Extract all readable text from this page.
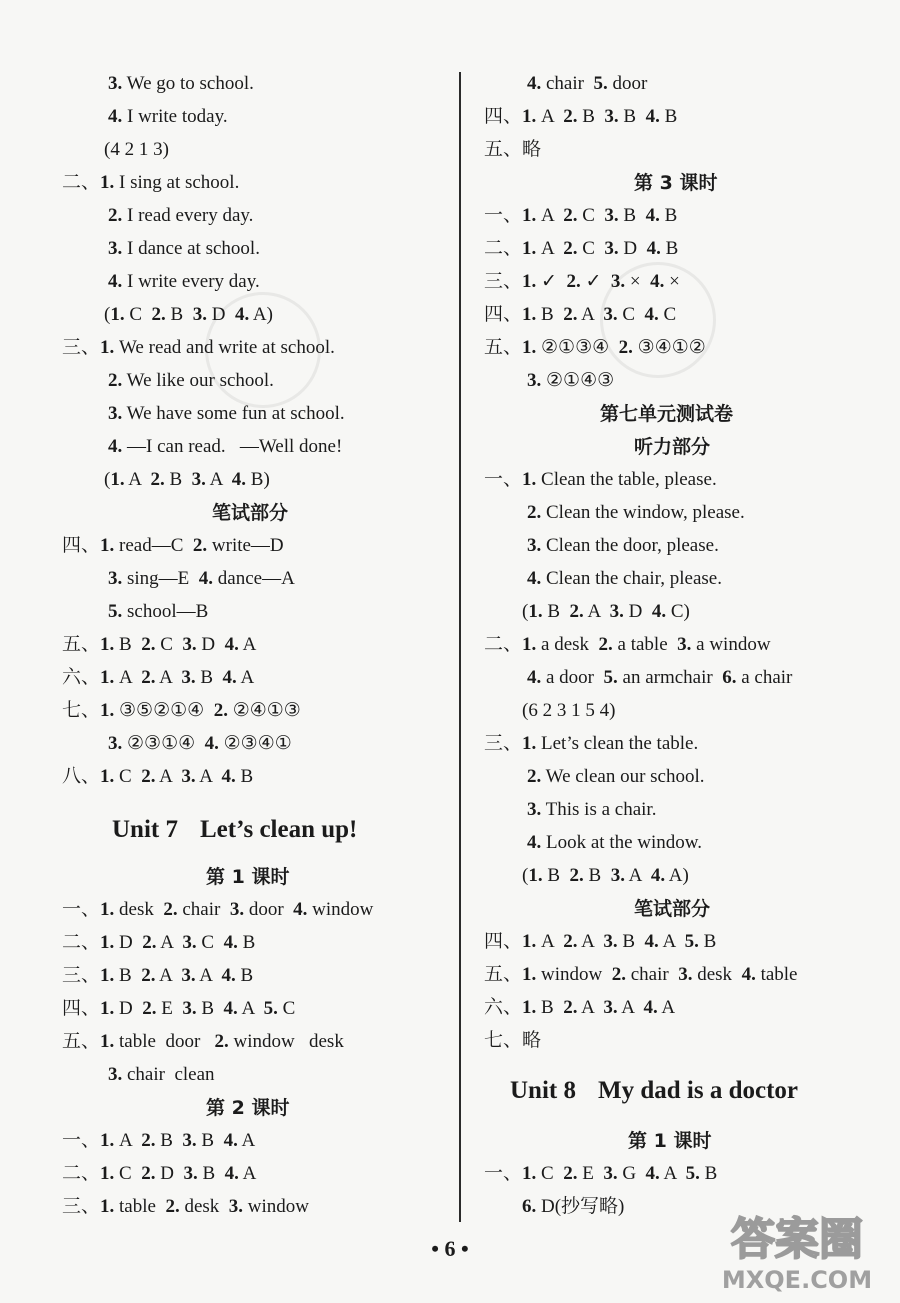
Unit 7 Let’s clean up!
Unit 8 My dad is a doctor
• 6 •	答案圈
MXQE.COM
3. We go to school.
4. I write today.
(4 2 1 3)
二、1. I sing at school.
2. I read every day.
3. I dance at school.
4. I write every day.
(1. C  2. B  3. D  4. A)
三、1. We read and write at school.
2. We like our school.
3. We have some fun at school.
4. —I can read.   —Well done!
(1. A  2. B  3. A  4. B)
四、1. read—C  2. write—D
3. sing—E  4. dance—A
5. school—B
五、1. B  2. C  3. D  4. A
六、1. A  2. A  3. B  4. A
七、1. ③⑤②①④  2. ②④①③
3. ②③①④  4. ②③④①
八、1. C  2. A  3. A  4. B
一、1. desk  2. chair  3. door  4. window
二、1. D  2. A  3. C  4. B
三、1. B  2. A  3. A  4. B
四、1. D  2. E  3. B  4. A  5. C
五、1. table  door   2. window   desk
3. chair  clean
一、1. A  2. B  3. B  4. A
二、1. C  2. D  3. B  4. A
三、1. table  2. desk  3. window
4. chair  5. door
四、1. A  2. B  3. B  4. B
五、略
一、1. A  2. C  3. B  4. B
二、1. A  2. C  3. D  4. B
三、1. ✓  2. ✓  3. ×  4. ×
四、1. B  2. A  3. C  4. C
五、1. ②①③④  2. ③④①②
3. ②①④③
一、1. Clean the table, please.
2. Clean the window, please.
3. Clean the door, please.
4. Clean the chair, please.
(1. B  2. A  3. D  4. C)
二、1. a desk  2. a table  3. a window
4. a door  5. an armchair  6. a chair
(6 2 3 1 5 4)
三、1. Let’s clean the table.
2. We clean our school.
3. This is a chair.
4. Look at the window.
(1. B  2. B  3. A  4. A)
四、1. A  2. A  3. B  4. A  5. B
五、1. window  2. chair  3. desk  4. table
六、1. B  2. A  3. A  4. A
七、略
一、1. C  2. E  3. G  4. A  5. B
6. D(抄写略)
笔试部分
第 1 课时
第 2 课时
第 3 课时
第七单元测试卷
听力部分
笔试部分
第 1 课时
